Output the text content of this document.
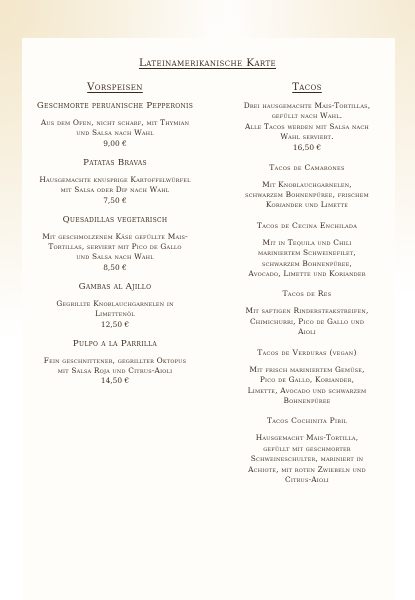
Lateinamerikanische Karte
Vorspeisen
Geschmorte peruanische Pepperonis
Aus dem Ofen, nicht scharf, mit Thymian
und Salsa nach Wahl
9,00 €
Patatas Bravas
Hausgemachte knusprige Kartoffelwürfel
mit Salsa oder Dip nach Wahl
7,50 €
Quesadillas vegetarisch
Mit geschmolzenem Käse gefüllte Mais-
Tortillas, serviert mit Pico de Gallo
und Salsa nach Wahl
8,50 €
Gambas al Ajillo
Gegrillte Knoblauchgarnelen in
Limettenöl
12,50 €
Pulpo a la Parrilla
Fein geschnittener, gegrillter Oktopus
mit Salsa Roja und Citrus-Aioli
14,50 €
Tacos
Drei hausgemachte Mais-Tortillas,
gefüllt nach Wahl.
Alle Tacos werden mit Salsa nach
Wahl serviert.
16,50 €
Tacos de Camarones
Mit Knoblauchgarnelen,
schwarzem Bohnenpüree, frischem
Koriander und Limette
Tacos de Cecina Enchilada
Mit in Tequila und Chili
mariniertem Schweinefilet,
schwarzem Bohnenpüree,
Avocado, Limette und Koriander
Tacos de Res
Mit saftigen Rindersteakstreifen,
Chimichurri, Pico de Gallo und
Aioli
Tacos de Verduras (vegan)
Mit frisch mariniertem Gemüse,
Pico de Gallo, Koriander,
Limette, Avocado und schwarzem
Bohnenpüree
Tacos Cochinita Pibil
Hausgemacht Mais-Tortilla,
gefüllt mit geschmorter
Schweineschulter, mariniert in
Achiote, mit roten Zwiebeln und
Citrus-Aioli
